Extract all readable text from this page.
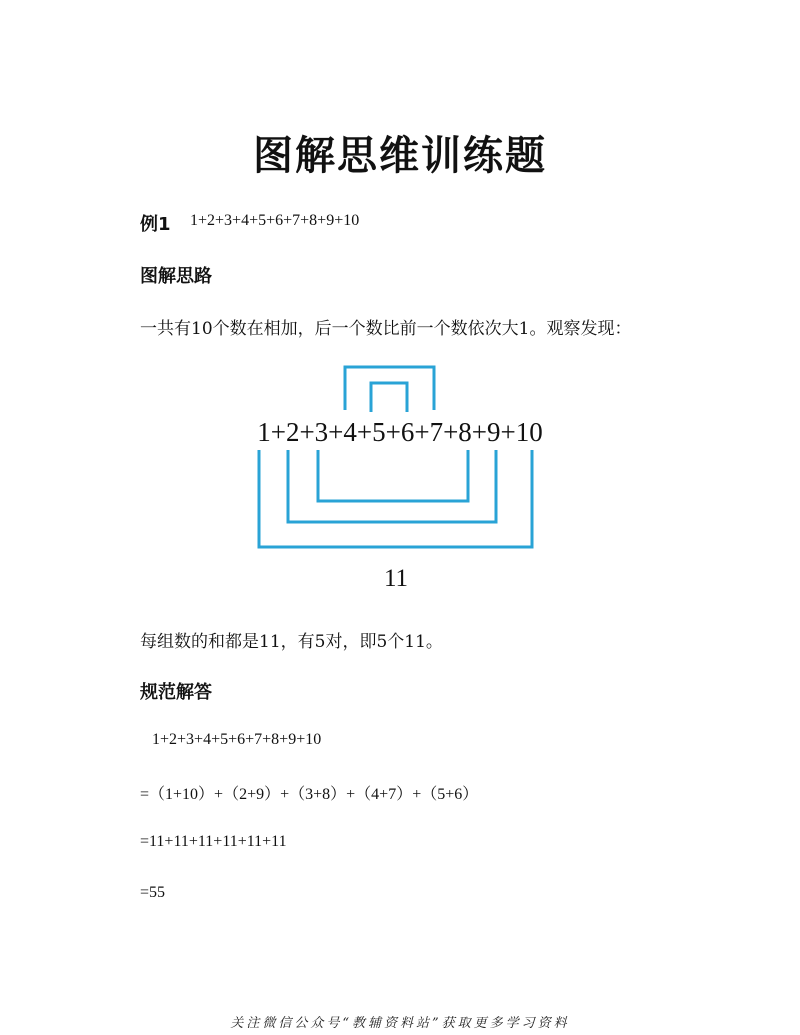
图解思维训练题
例1 1+2+3+4+5+6+7+8+9+10
图解思路
一共有10个数在相加，后一个数比前一个数依次大1。观察发现：
1+2+3+4+5+6+7+8+9+10
11
每组数的和都是11，有5对，即5个11。
规范解答
1+2+3+4+5+6+7+8+9+10
=（1+10）+（2+9）+（3+8）+（4+7）+（5+6）
=11+11+11+11+11+11
=55
关注微信公众号“教辅资料站”获取更多学习资料
